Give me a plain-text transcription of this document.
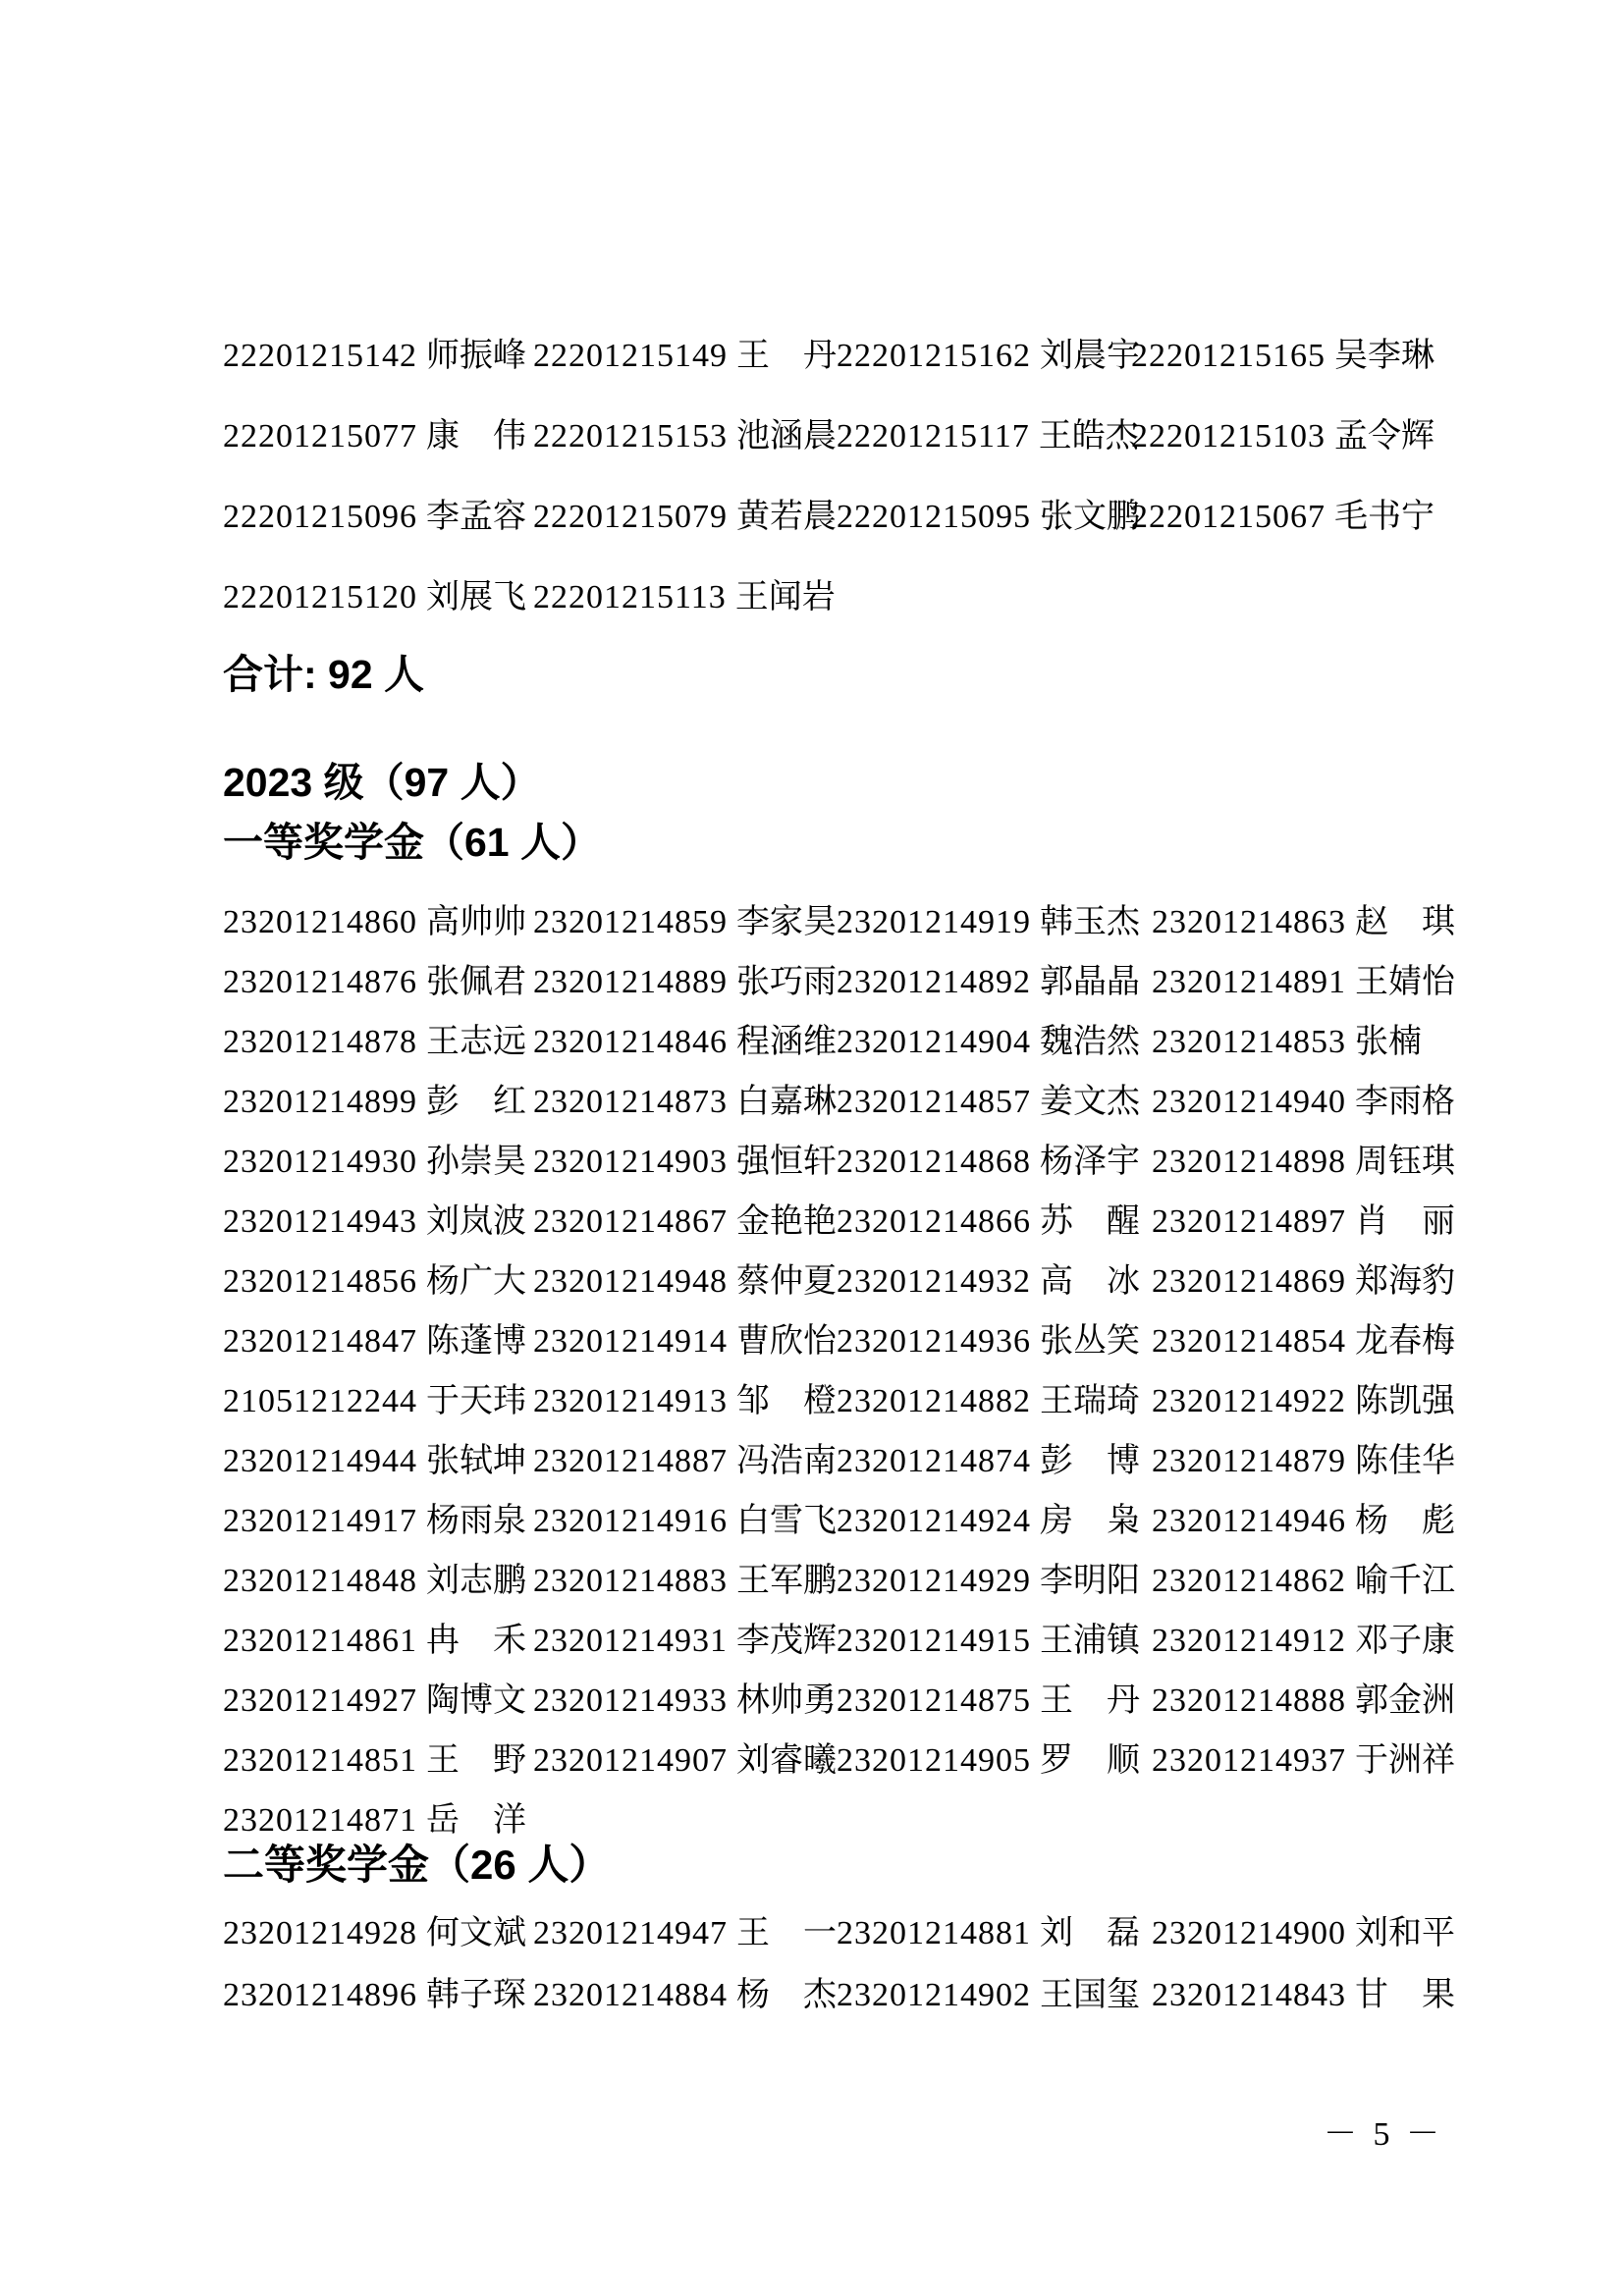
22201215142 师振峰 22201215149 王　丹 22201215162 刘晨宇
22201215165 吴李琳
22201215077 康　伟 22201215153 池涵晨 22201215117 王皓杰
22201215103 孟令辉
22201215096 李孟容 22201215079 黄若晨 22201215095 张文鹏
22201215067 毛书宁
22201215120 刘展飞 22201215113 王闻岩
合计: 92 人
2023 级（97 人）
一等奖学金（61 人）
23201214860 高帅帅 23201214859 李家昊 23201214919 韩玉杰 23201214863 赵　琪
23201214876 张佩君 23201214889 张巧雨 23201214892 郭晶晶 23201214891 王婧怡
23201214878 王志远 23201214846 程涵维 23201214904 魏浩然 23201214853 张楠
23201214899 彭　红 23201214873 白嘉琳 23201214857 姜文杰 23201214940 李雨格
23201214930 孙崇昊 23201214903 强恒轩 23201214868 杨泽宇 23201214898 周钰琪
23201214943 刘岚波 23201214867 金艳艳 23201214866 苏　醒 23201214897 肖　丽
23201214856 杨广大 23201214948 蔡仲夏 23201214932 高　冰 23201214869 郑海豹
23201214847 陈蓬博 23201214914 曹欣怡 23201214936 张丛笑 23201214854 龙春梅
21051212244 于天玮 23201214913 邹　橙 23201214882 王瑞琦 23201214922 陈凯强
23201214944 张轼坤 23201214887 冯浩南 23201214874 彭　博 23201214879 陈佳华
23201214917 杨雨泉 23201214916 白雪飞 23201214924 房　枭 23201214946 杨　彪
23201214848 刘志鹏 23201214883 王军鹏 23201214929 李明阳 23201214862 喻千江
23201214861 冉　禾 23201214931 李茂辉 23201214915 王浦镇 23201214912 邓子康
23201214927 陶博文 23201214933 林帅勇 23201214875 王　丹 23201214888 郭金洲
23201214851 王　野 23201214907 刘睿曦 23201214905 罗　顺 23201214937 于洲祥
23201214871 岳　洋
二等奖学金（26 人）
23201214928 何文斌 23201214947 王　一 23201214881 刘　磊 23201214900 刘和平
23201214896 韩子琛 23201214884 杨　杰 23201214902 王国玺 23201214843 甘　果
－ 5 －
